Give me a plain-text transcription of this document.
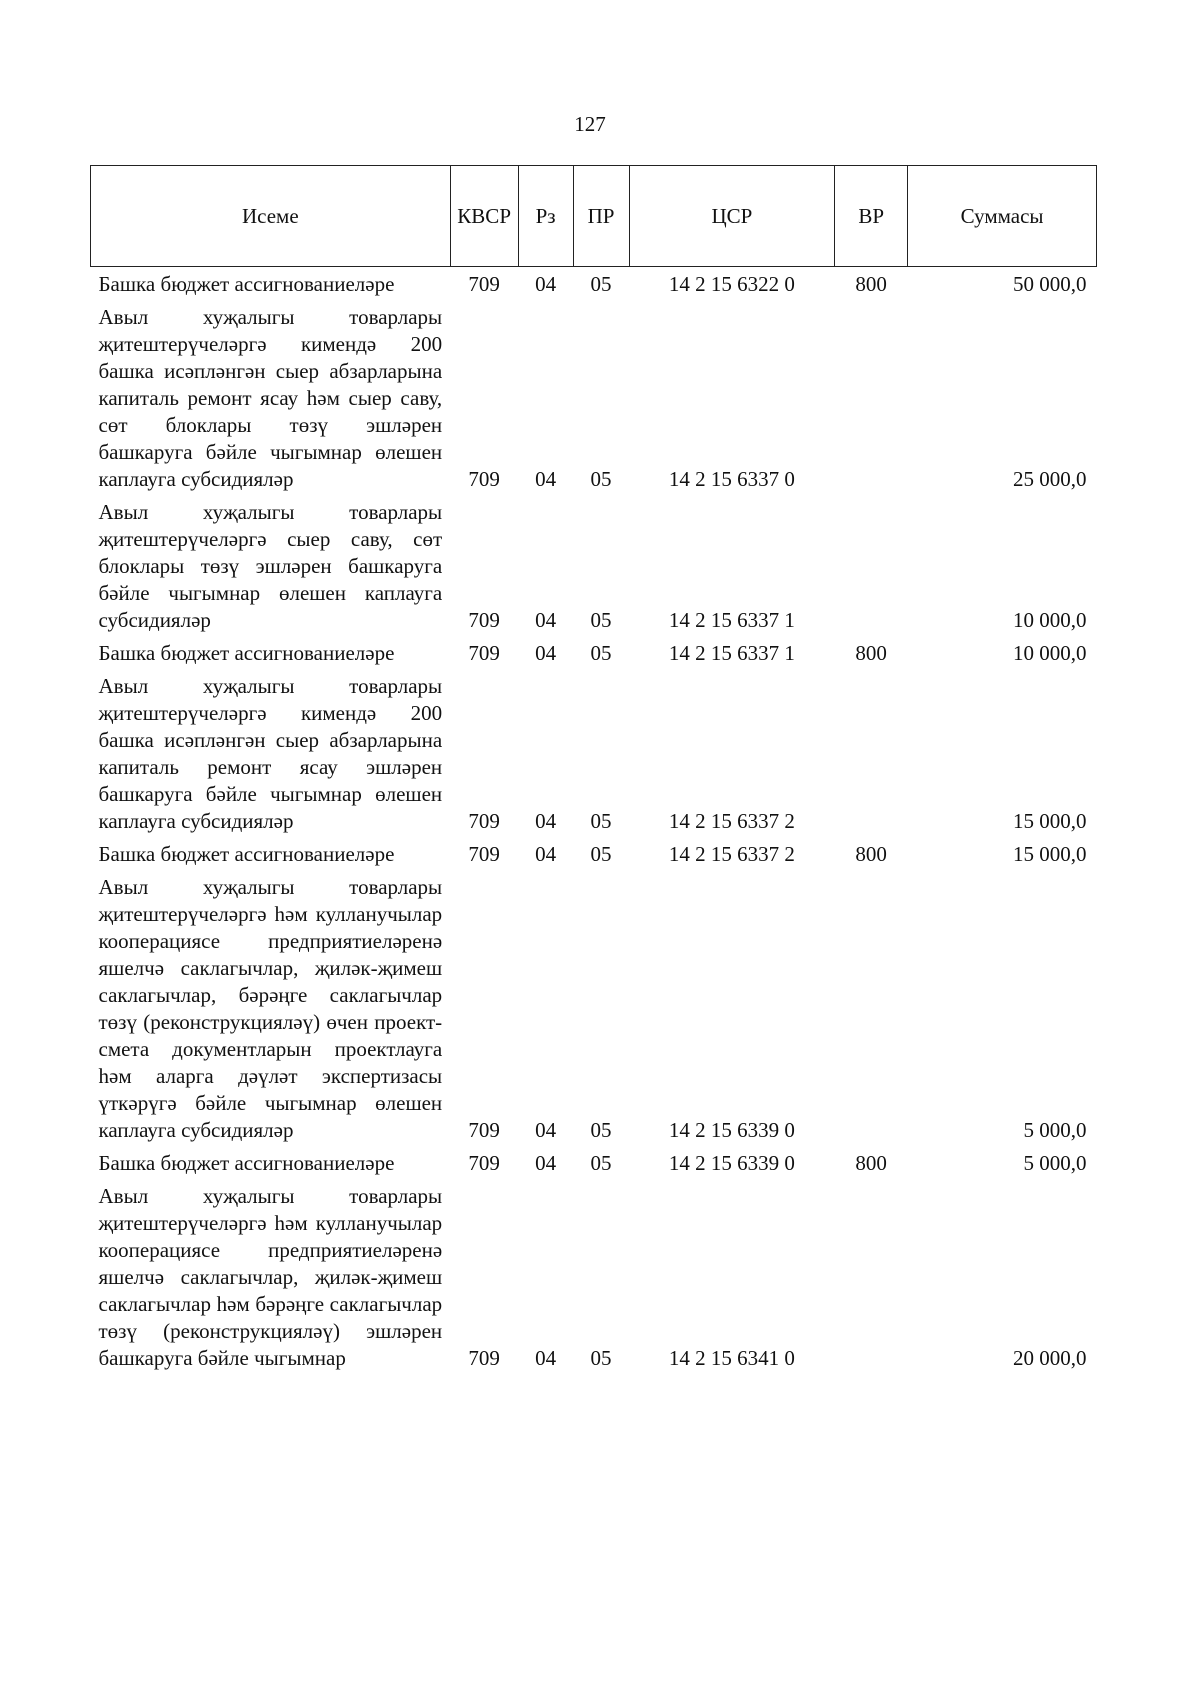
127
Исеме	КВСР	Рз	ПР	ЦСР	ВР	Суммасы
Башка бюджет ассигнованиеләре	709	04	05	14 2 15 6322 0	800	50 000,0
Авыл хуҗалыгы товарлары җитештерүчеләргә кимендә 200 башка исәпләнгән сыер абзарларына капиталь ремонт ясау һәм сыер саву, сөт блоклары төзү эшләрен башкаруга бәйле чыгымнар өлешен каплауга субсидияләр	709	04	05	14 2 15 6337 0		25 000,0
Авыл хуҗалыгы товарлары җитештерүчеләргә сыер саву, сөт блоклары төзү эшләрен башкаруга бәйле чыгымнар өлешен каплауга субсидияләр	709	04	05	14 2 15 6337 1		10 000,0
Башка бюджет ассигнованиеләре	709	04	05	14 2 15 6337 1	800	10 000,0
Авыл хуҗалыгы товарлары җитештерүчеләргә кимендә 200 башка исәпләнгән сыер абзарларына капиталь ремонт ясау эшләрен башкаруга бәйле чыгымнар өлешен каплауга субсидияләр	709	04	05	14 2 15 6337 2		15 000,0
Башка бюджет ассигнованиеләре	709	04	05	14 2 15 6337 2	800	15 000,0
Авыл хуҗалыгы товарлары җитештерүчеләргә һәм кулланучылар кооперациясе предприятиеләренә яшелчә саклагычлар, җиләк-җимеш саклагычлар, бәрәңге саклагычлар төзү (реконструкцияләү) өчен проект-смета документларын проектлауга һәм аларга дәүләт экспертизасы үткәрүгә бәйле чыгымнар өлешен каплауга субсидияләр	709	04	05	14 2 15 6339 0		5 000,0
Башка бюджет ассигнованиеләре	709	04	05	14 2 15 6339 0	800	5 000,0
Авыл хуҗалыгы товарлары җитештерүчеләргә һәм кулланучылар кооперациясе предприятиеләренә яшелчә саклагычлар, җиләк-җимеш саклагычлар һәм бәрәңге саклагычлар төзү (реконструкцияләү) эшләрен башкаруга бәйле чыгымнар	709	04	05	14 2 15 6341 0		20 000,0
